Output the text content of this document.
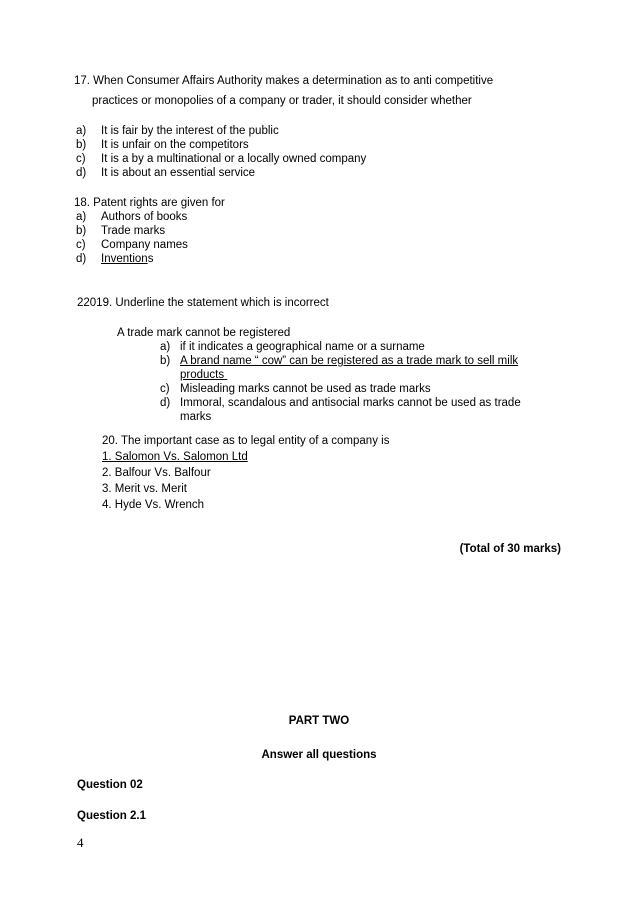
17. When Consumer Affairs Authority makes a determination as to anti competitive
practices or monopolies of a company or trader, it should consider whether
a) It is fair by the interest of the public
b) It is unfair on the competitors
c) It is a by a multinational or a locally owned company
d) It is about an essential service
18. Patent rights are given for
a) Authors of books
b) Trade marks
c) Company names
d) Inventions
22019. Underline the statement which is incorrect
A trade mark cannot be registered
a) if it indicates a geographical name or a surname
b) A brand name “ cow” can be registered as a trade mark to sell milk
products
c) Misleading marks cannot be used as trade marks
d) Immoral, scandalous and antisocial marks cannot be used as trade
marks
20. The important case as to legal entity of a company is
1. Salomon Vs. Salomon Ltd
2. Balfour Vs. Balfour
3. Merit vs. Merit
4. Hyde Vs. Wrench
(Total of 30 marks)
PART TWO
Answer all questions
Question 02
Question 2.1
4
